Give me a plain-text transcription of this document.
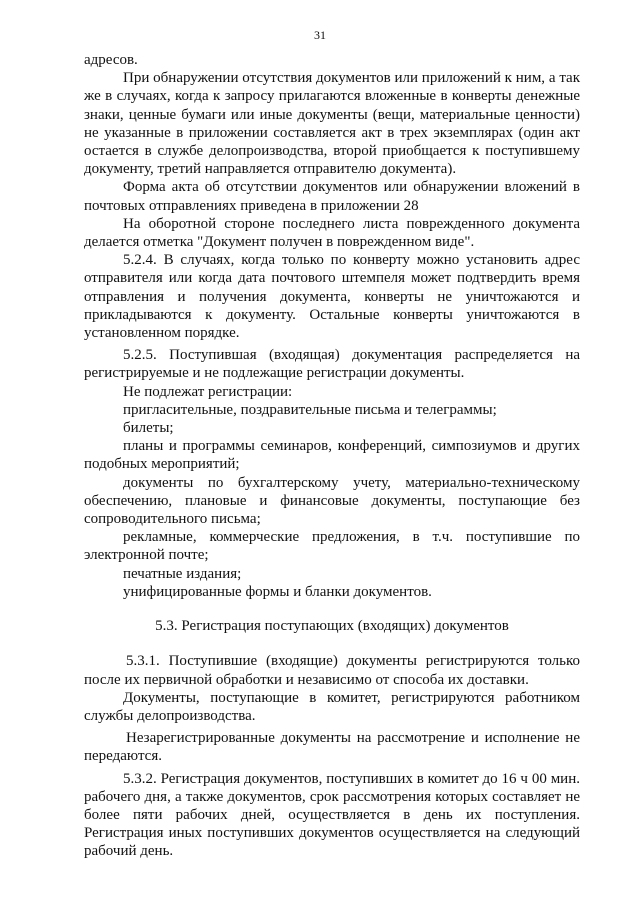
31

адресов.

При обнаружении отсутствия документов или приложений к ним, а так же в случаях, когда к запросу прилагаются вложенные в конверты денежные знаки, ценные бумаги или иные документы (вещи, материальные ценности) не указанные в приложении составляется акт в трех экземплярах (один акт остается в службе делопроизводства, второй приобщается к поступившему документу, третий направляется отправителю документа).

Форма акта об отсутствии документов или обнаружении вложений в почтовых отправлениях приведена в приложении 28

На оборотной стороне последнего листа поврежденного документа делается отметка "Документ получен в поврежденном виде".

5.2.4. В случаях, когда только по конверту можно установить адрес отправителя или когда дата почтового штемпеля может подтвердить время отправления и получения документа, конверты не уничтожаются и прикладываются к документу. Остальные конверты уничтожаются в установленном порядке.

5.2.5. Поступившая (входящая) документация распределяется на регистрируемые и не подлежащие регистрации документы.

Не подлежат регистрации:

пригласительные, поздравительные письма и телеграммы;

билеты;

планы и программы семинаров, конференций, симпозиумов и других подобных мероприятий;

документы по бухгалтерскому учету, материально-техническому обеспечению, плановые и финансовые документы, поступающие без сопроводительного письма;

рекламные, коммерческие предложения, в т.ч. поступившие по электронной почте;

печатные издания;

унифицированные формы и бланки документов.

5.3. Регистрация поступающих (входящих) документов

5.3.1. Поступившие (входящие) документы регистрируются только после их первичной обработки и независимо от способа их доставки.

Документы, поступающие в комитет, регистрируются работником службы делопроизводства.

Незарегистрированные документы на рассмотрение и исполнение не передаются.

5.3.2. Регистрация документов, поступивших в комитет до 16 ч 00 мин. рабочего дня, а также документов, срок рассмотрения которых составляет не более пяти рабочих дней, осуществляется в день их поступления. Регистрация иных поступивших документов осуществляется на следующий рабочий день.
